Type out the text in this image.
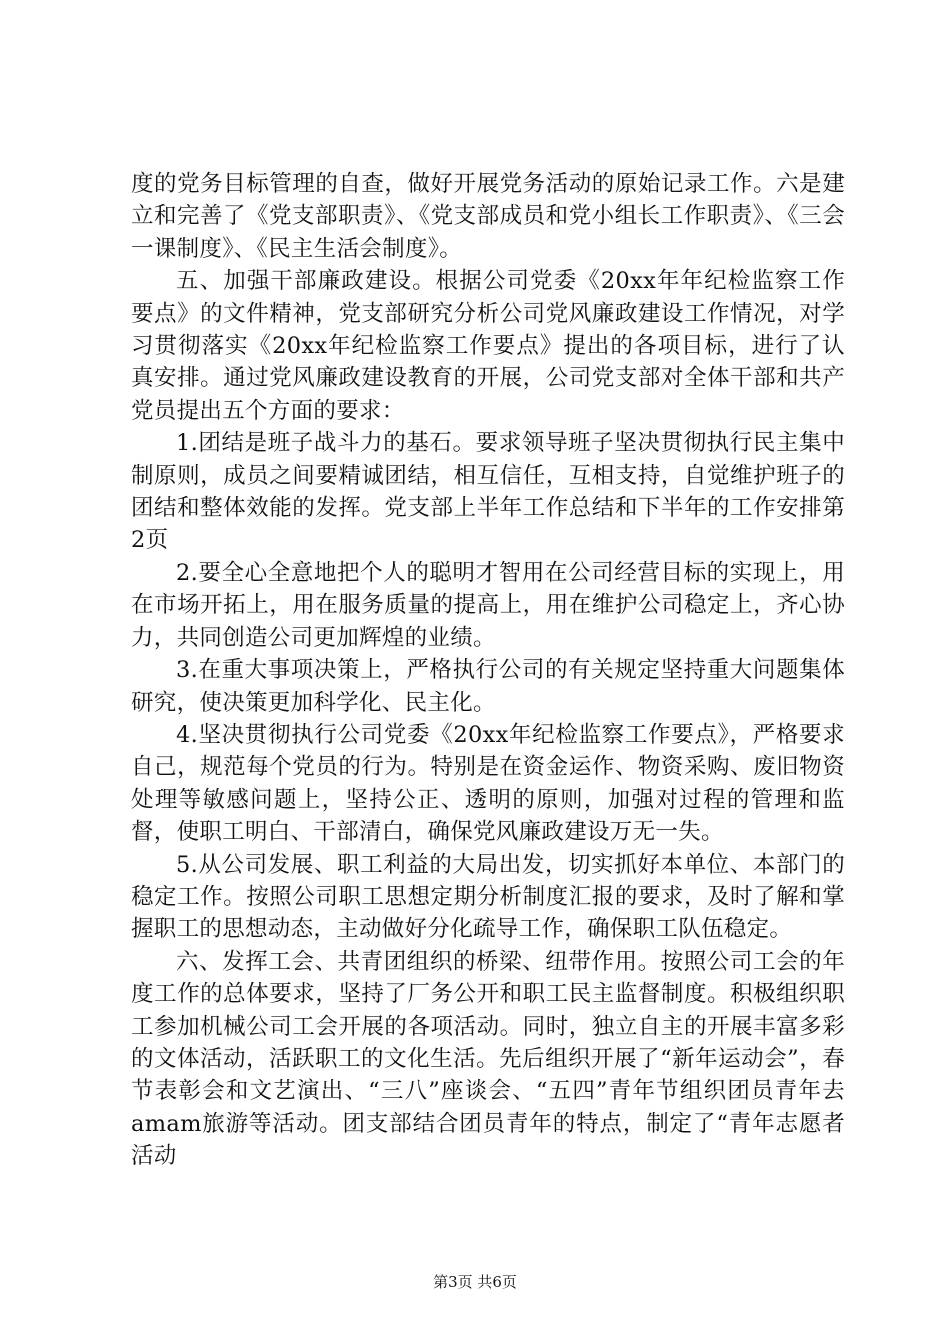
度的党务目标管理的自查，做好开展党务活动的原始记录工作。六是建立和完善了《党支部职责》、《党支部成员和党小组长工作职责》、《三会一课制度》、《民主生活会制度》。

五、加强干部廉政建设。根据公司党委《20xx年年纪检监察工作要点》的文件精神，党支部研究分析公司党风廉政建设工作情况，对学习贯彻落实《20xx年纪检监察工作要点》提出的各项目标，进行了认真安排。通过党风廉政建设教育的开展，公司党支部对全体干部和共产党员提出五个方面的要求：

1.团结是班子战斗力的基石。要求领导班子坚决贯彻执行民主集中制原则，成员之间要精诚团结，相互信任，互相支持，自觉维护班子的团结和整体效能的发挥。党支部上半年工作总结和下半年的工作安排第2页

2.要全心全意地把个人的聪明才智用在公司经营目标的实现上，用在市场开拓上，用在服务质量的提高上，用在维护公司稳定上，齐心协力，共同创造公司更加辉煌的业绩。

3.在重大事项决策上，严格执行公司的有关规定坚持重大问题集体研究，使决策更加科学化、民主化。

4.坚决贯彻执行公司党委《20xx年纪检监察工作要点》，严格要求自己，规范每个党员的行为。特别是在资金运作、物资采购、废旧物资处理等敏感问题上，坚持公正、透明的原则，加强对过程的管理和监督，使职工明白、干部清白，确保党风廉政建设万无一失。

5.从公司发展、职工利益的大局出发，切实抓好本单位、本部门的稳定工作。按照公司职工思想定期分析制度汇报的要求，及时了解和掌握职工的思想动态，主动做好分化疏导工作，确保职工队伍稳定。

六、发挥工会、共青团组织的桥梁、纽带作用。按照公司工会的年度工作的总体要求，坚持了厂务公开和职工民主监督制度。积极组织职工参加机械公司工会开展的各项活动。同时，独立自主的开展丰富多彩的文体活动，活跃职工的文化生活。先后组织开展了“新年运动会”，春节表彰会和文艺演出、“三八”座谈会、“五四”青年节组织团员青年去amam旅游等活动。团支部结合团员青年的特点，制定了“青年志愿者活动

第3页 共6页
